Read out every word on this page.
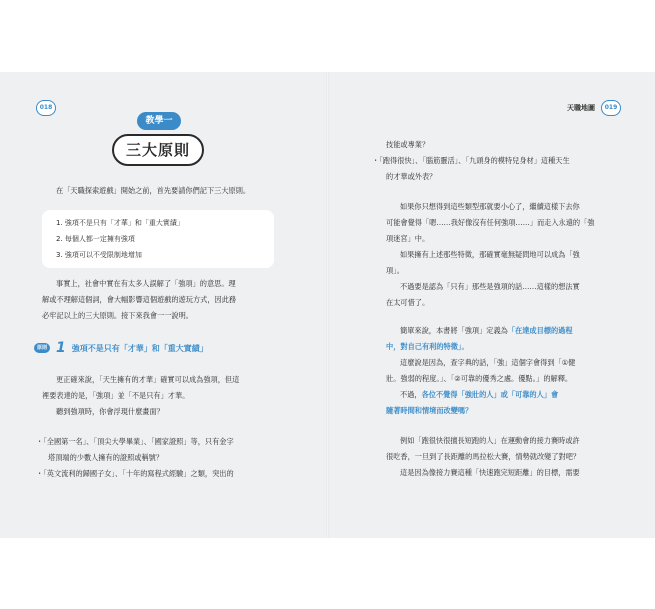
018
教學一
三大原則

在「天職探索遊戲」開始之前，首先要請你們記下三大原則。

1. 強項不是只有「才華」和「重大實績」
2. 每個人都一定擁有強項
3. 強項可以不受限制地增加

事實上，社會中實在有太多人誤解了「強項」的意思。理

解或不理解這個詞，會大幅影響這個遊戲的遊玩方式，因此務

必牢記以上的三大原則。接下來我會一一說明。

原則 1 強項不是只有「才華」和「重大實績」

更正確來說，「天生擁有的才華」確實可以成為強項，但這

裡要表達的是，「強項」並「不是只有」才華。

聽到強項時，你會浮現什麼畫面？

・「全國第一名」、「頂尖大學畢業」、「國家證照」等，只有金字

塔頂端的少數人擁有的證照或稱號？

・「英文流利的歸國子女」、「十年的寫程式經驗」之類，突出的

天職地圖	019

技能或專業？

・「跑得很快」、「腦筋靈活」、「九頭身的模特兒身材」這種天生

的才華或外表？

如果你只想得到這些類型那就要小心了，繼續這樣下去你

可能會覺得「嗯……我好像沒有任何強項……」而走入永遠的「強

項迷宮」中。

如果擁有上述那些特徵，那確實毫無疑問地可以成為「強

項」。

不過要是認為「只有」那些是強項的話……這樣的想法實

在太可惜了。

簡單來說，本書將「強項」定義為「在達成目標的過程

中，對自己有利的特徵」。

這麼說是因為，查字典的話，「強」這個字會得到「①健

壯。強弱的程度。」、「②可靠的優秀之處。優點。」的解釋。

不過，各位不覺得「強壯的人」或「可靠的人」會

隨著時間和情境而改變嗎？

例如「跑很快很擅長短跑的人」在運動會的接力賽時或許

很吃香，一旦到了長距離的馬拉松大賽，情勢就改變了對吧？

這是因為像接力賽這種「快速跑完短距離」的目標，需要
